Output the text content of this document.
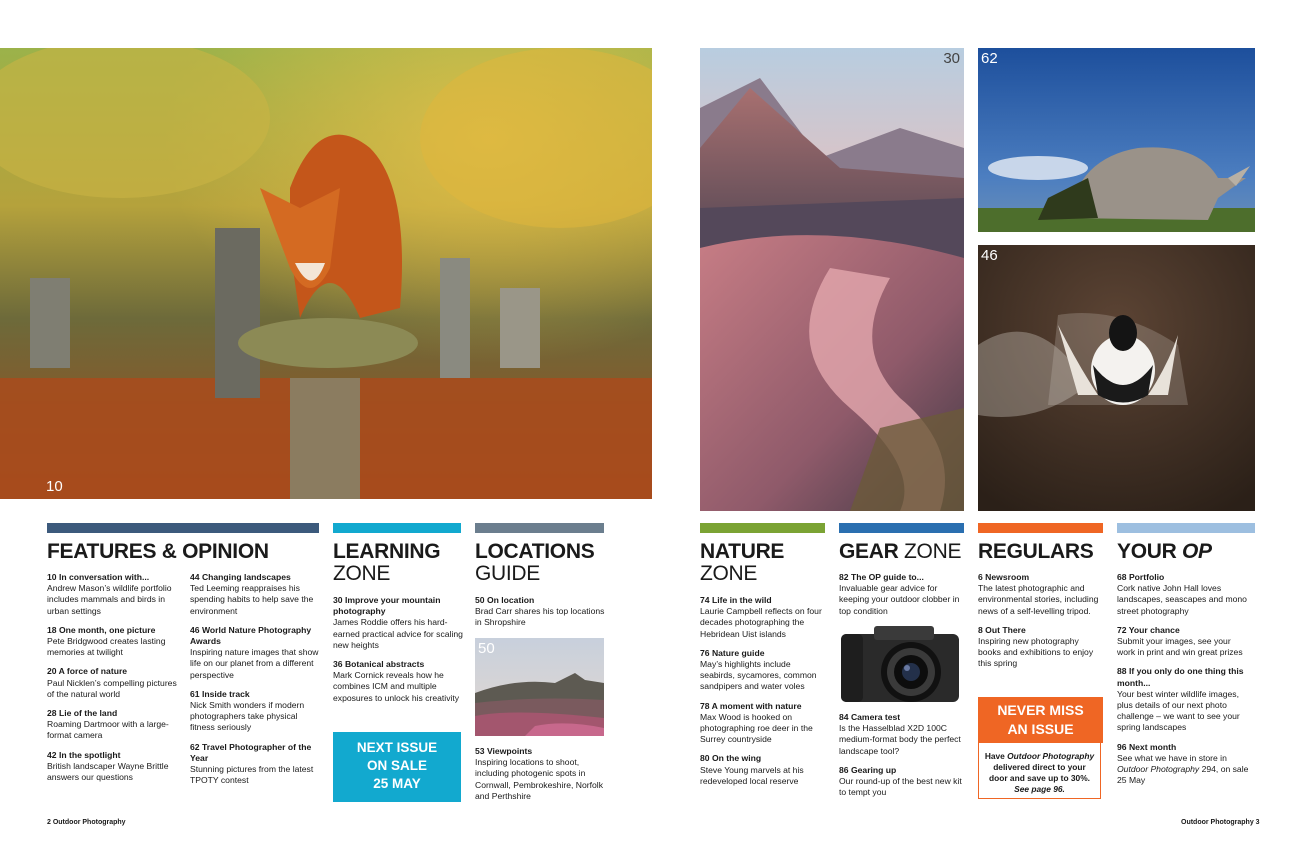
10
30 62
46
FEATURES & OPINION
10 In conversation with...
Andrew Mason’s wildlife portfolio includes mammals and birds in urban settings
18 One month, one picture
Pete Bridgwood creates lasting memories at twilight
20 A force of nature
Paul Nicklen’s compelling pictures of the natural world
28 Lie of the land
Roaming Dartmoor with a large-format camera
42 In the spotlight
British landscaper Wayne Brittle answers our questions
44 Changing landscapes
Ted Leeming reappraises his spending habits to help save the environment
46 World Nature Photography Awards
Inspiring nature images that show life on our planet from a different perspective
61 Inside track
Nick Smith wonders if modern photographers take physical fitness seriously
62 Travel Photographer of the Year
Stunning pictures from the latest TPOTY contest
LEARNING
ZONE
30 Improve your mountain photography
James Roddie offers his hard-earned practical advice for scaling new heights
36 Botanical abstracts
Mark Cornick reveals how he combines ICM and multiple exposures to unlock his creativity
NEXT ISSUE
ON SALE
25 MAY
LOCATIONS
GUIDE
50 On location
Brad Carr shares his top locations in Shropshire
50
53 Viewpoints
Inspiring locations to shoot, including photogenic spots in Cornwall, Pembrokeshire, Norfolk and Perthshire
NATURE
ZONE
74 Life in the wild
Laurie Campbell reflects on four decades photographing the Hebridean Uist islands
76 Nature guide
May’s highlights include seabirds, sycamores, common sandpipers and water voles
78 A moment with nature
Max Wood is hooked on photographing roe deer in the Surrey countryside
80 On the wing
Steve Young marvels at his redeveloped local reserve
GEAR ZONE
82 The OP guide to...
Invaluable gear advice for keeping your outdoor clobber in top condition
84 Camera test
Is the Hasselblad X2D 100C medium-format body the perfect landscape tool?
86 Gearing up
Our round-up of the best new kit to tempt you
REGULARS
6 Newsroom
The latest photographic and environmental stories, including news of a self-levelling tripod.
8 Out There
Inspiring new photography books and exhibitions to enjoy this spring
NEVER MISS
AN ISSUE
Have Outdoor Photography delivered direct to your door and save up to 30%.
See page 96.
YOUR OP
68 Portfolio
Cork native John Hall loves landscapes, seascapes and mono street photography
72 Your chance
Submit your images, see your work in print and win great prizes
88 If you only do one thing this month...
Your best winter wildlife images, plus details of our next photo challenge – we want to see your spring landscapes
96 Next month
See what we have in store in Outdoor Photography 294, on sale 25 May
2 Outdoor Photography	Outdoor Photography 3
